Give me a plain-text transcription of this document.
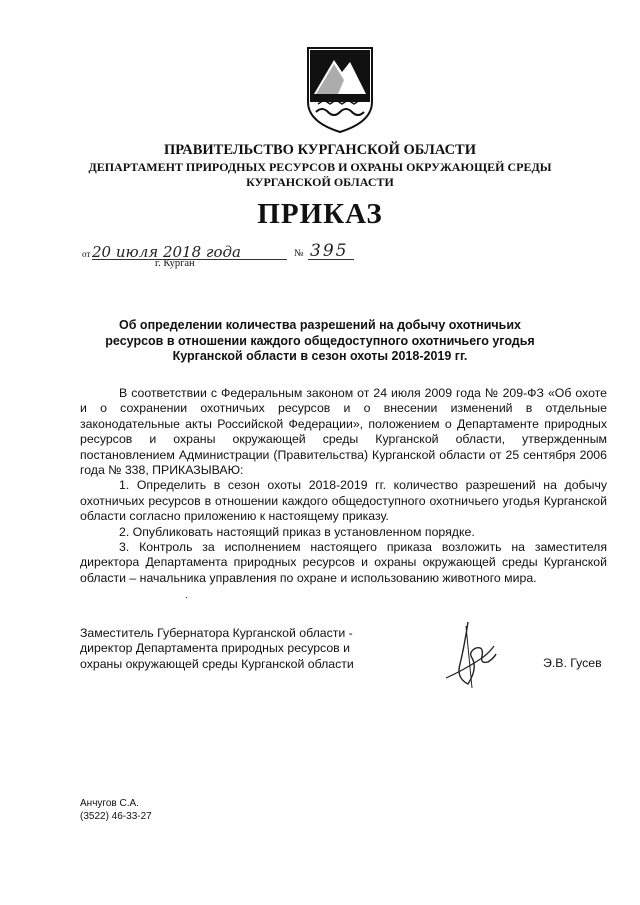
ПРАВИТЕЛЬСТВО КУРГАНСКОЙ ОБЛАСТИ
ДЕПАРТАМЕНТ ПРИРОДНЫХ РЕСУРСОВ И ОХРАНЫ ОКРУЖАЮЩЕЙ СРЕДЫ
КУРГАНСКОЙ ОБЛАСТИ
ПРИКАЗ
от 20 июля 2018 года	№ 395
г. Курган
Об определении количества разрешений на добычу охотничьих ресурсов в отношении каждого общедоступного охотничьего угодья Курганской области в сезон охоты 2018-2019 гг.

В соответствии с Федеральным законом от 24 июля 2009 года № 209-ФЗ «Об охоте и о сохранении охотничьих ресурсов и о внесении изменений в отдельные законодательные акты Российской Федерации», положением о Департаменте природных ресурсов и охраны окружающей среды Курганской области, утвержденным постановлением Администрации (Правительства) Курганской области от 25 сентября 2006 года № 338, ПРИКАЗЫВАЮ:

1. Определить в сезон охоты 2018-2019 гг. количество разрешений на добычу охотничьих ресурсов в отношении каждого общедоступного охотничьего угодья Курганской области согласно приложению к настоящему приказу.

2. Опубликовать настоящий приказ в установленном порядке.

3. Контроль за исполнением настоящего приказа возложить на заместителя директора Департамента природных ресурсов и охраны окружающей среды Курганской области – начальника управления по охране и использованию животного мира.

.
Заместитель Губернатора Курганской области -
директор Департамента природных ресурсов и
охраны окружающей среды Курганской области	Э.В. Гусев
Анчугов С.А.
(3522) 46-33-27
